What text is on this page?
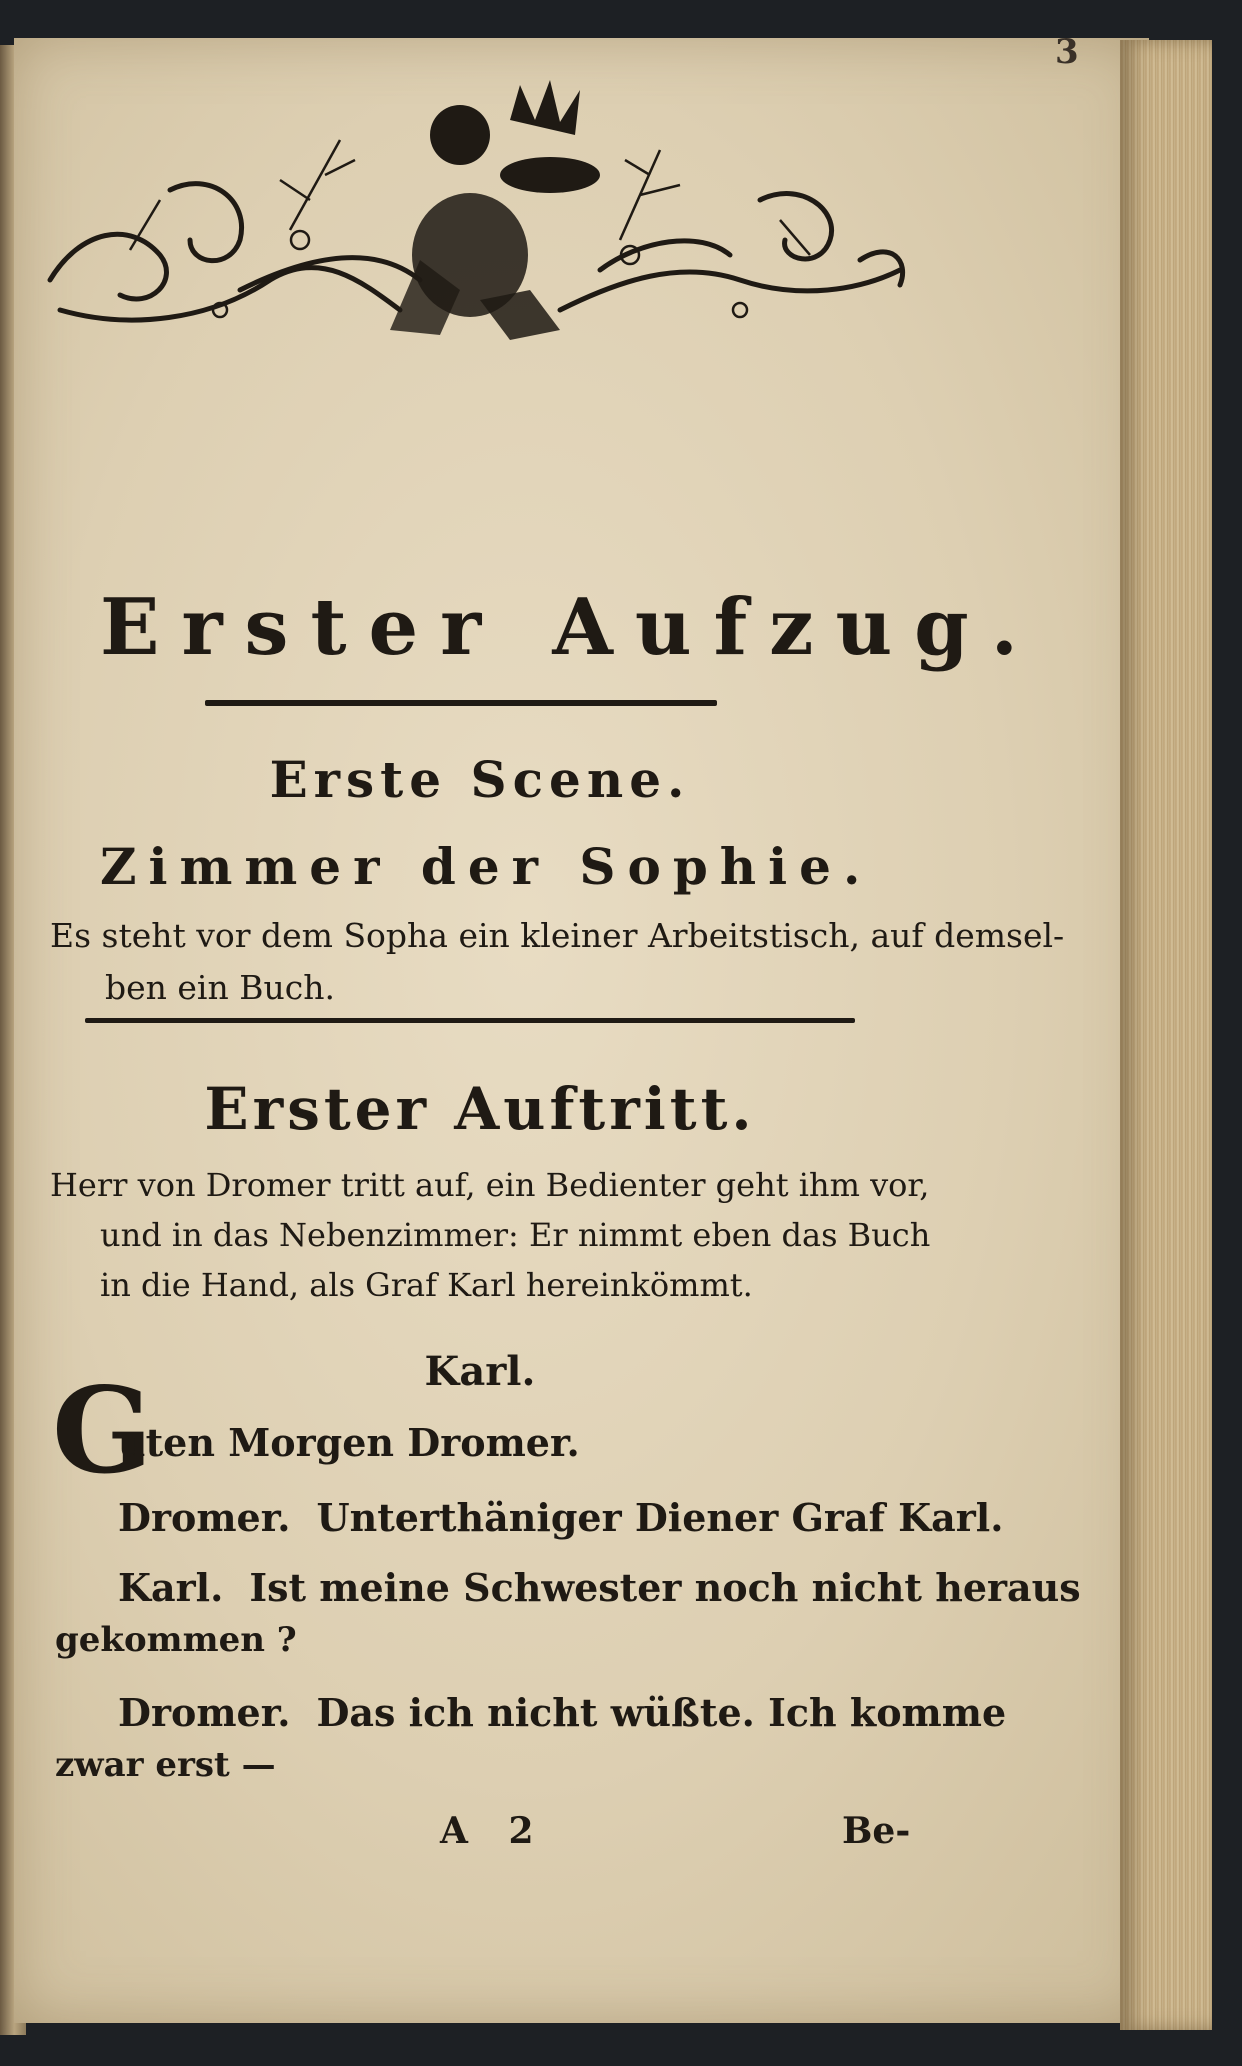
3
Erster Aufzug.
Erste Scene.
Zimmer der Sophie.
Es steht vor dem Sopha ein kleiner Arbeitstisch, auf demsel-
ben ein Buch.
Erster Auftritt.
Herr von Dromer tritt auf, ein Bedienter geht ihm vor,
und in das Nebenzimmer: Er nimmt eben das Buch
in die Hand, als Graf Karl hereinkömmt.
Karl.
G
uten Morgen Dromer.
Dromer. Unterthäniger Diener Graf Karl.
Karl. Ist meine Schwester noch nicht heraus
gekommen ?
Dromer. Das ich nicht wüßte. Ich komme
zwar erst —
A 2	Be-
